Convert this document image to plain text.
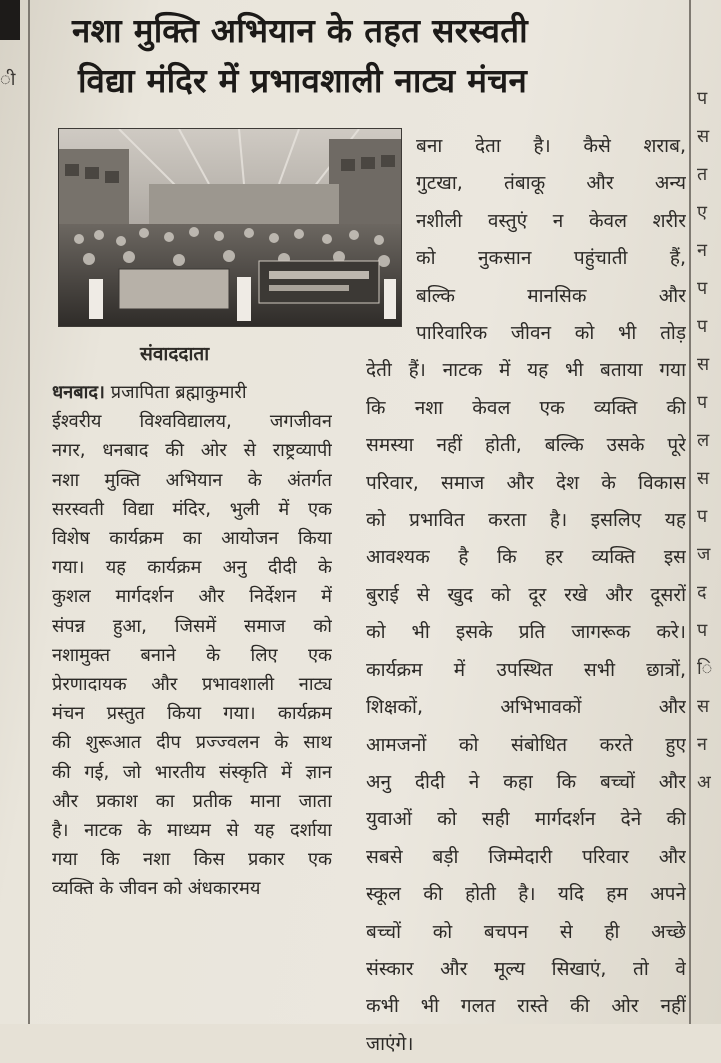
ी
प
स
त
ए
न
प
प
स
प
ल
स
प
ज
द
प
ि
स
न
अ
नशा मुक्ति अभियान के तहत सरस्वती
विद्या मंदिर में प्रभावशाली नाट्य मंचन
संवाददाता
धनबाद। प्रजापिता ब्रह्माकुमारी
ईश्वरीय विश्वविद्यालय, जगजीवन
नगर, धनबाद की ओर से राष्ट्रव्यापी
नशा मुक्ति अभियान के अंतर्गत
सरस्वती विद्या मंदिर, भुली में एक
विशेष कार्यक्रम का आयोजन किया
गया। यह कार्यक्रम अनु दीदी के
कुशल मार्गदर्शन और निर्देशन में
संपन्न हुआ, जिसमें समाज को
नशामुक्त बनाने के लिए एक
प्रेरणादायक और प्रभावशाली नाट्य
मंचन प्रस्तुत किया गया। कार्यक्रम
की शुरूआत दीप प्रज्ज्वलन के साथ
की गई, जो भारतीय संस्कृति में ज्ञान
और प्रकाश का प्रतीक माना जाता
है। नाटक के माध्यम से यह दर्शाया
गया कि नशा किस प्रकार एक
व्यक्ति के जीवन को अंधकारमय
बना देता है। कैसे शराब,
गुटखा, तंबाकू और अन्य
नशीली वस्तुएं न केवल शरीर
को नुकसान पहुंचाती हैं,
बल्कि मानसिक और
पारिवारिक जीवन को भी तोड़
देती हैं। नाटक में यह भी बताया गया
कि नशा केवल एक व्यक्ति की
समस्या नहीं होती, बल्कि उसके पूरे
परिवार, समाज और देश के विकास
को प्रभावित करता है। इसलिए यह
आवश्यक है कि हर व्यक्ति इस
बुराई से खुद को दूर रखे और दूसरों
को भी इसके प्रति जागरूक करे।
कार्यक्रम में उपस्थित सभी छात्रों,
शिक्षकों, अभिभावकों और
आमजनों को संबोधित करते हुए
अनु दीदी ने कहा कि बच्चों और
युवाओं को सही मार्गदर्शन देने की
सबसे बड़ी जिम्मेदारी परिवार और
स्कूल की होती है। यदि हम अपने
बच्चों को बचपन से ही अच्छे
संस्कार और मूल्य सिखाएं, तो वे
कभी भी गलत रास्ते की ओर नहीं
जाएंगे।
